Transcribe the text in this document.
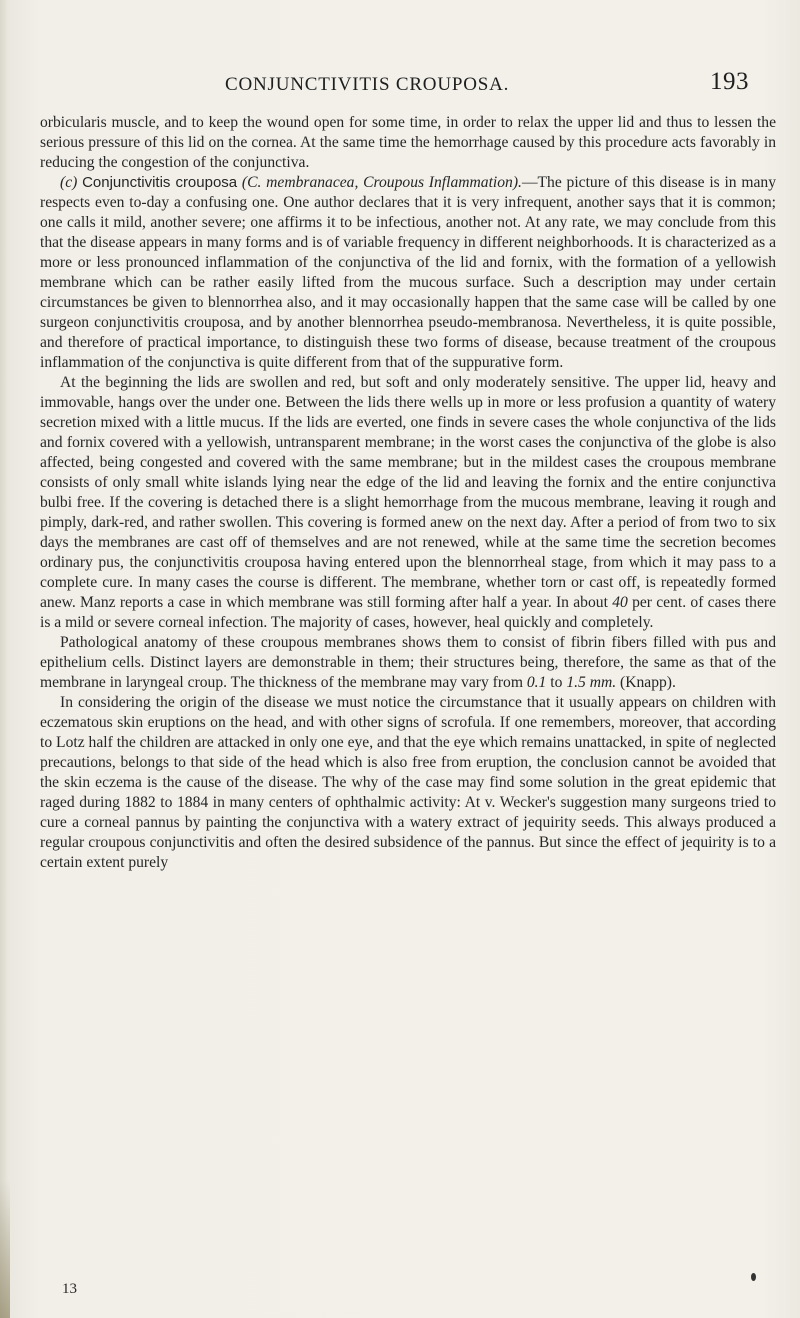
CONJUNCTIVITIS CROUPOSA.	193

orbicularis muscle, and to keep the wound open for some time, in order to relax the upper lid and thus to lessen the serious pressure of this lid on the cornea. At the same time the hemorrhage caused by this procedure acts favorably in reducing the congestion of the conjunctiva.

(c) Conjunctivitis crouposa (C. membranacea, Croupous Inflammation).—The picture of this disease is in many respects even to-day a confusing one. One author declares that it is very infrequent, another says that it is common; one calls it mild, another severe; one affirms it to be infectious, another not. At any rate, we may conclude from this that the disease appears in many forms and is of variable frequency in different neighborhoods. It is characterized as a more or less pronounced inflammation of the conjunctiva of the lid and fornix, with the formation of a yellowish membrane which can be rather easily lifted from the mucous surface. Such a description may under certain circumstances be given to blennorrhea also, and it may occasionally happen that the same case will be called by one surgeon conjunctivitis crouposa, and by another blennorrhea pseudo-membranosa. Nevertheless, it is quite possible, and therefore of practical importance, to distinguish these two forms of disease, because treatment of the croupous inflammation of the conjunctiva is quite different from that of the suppurative form.

At the beginning the lids are swollen and red, but soft and only moderately sensitive. The upper lid, heavy and immovable, hangs over the under one. Between the lids there wells up in more or less profusion a quantity of watery secretion mixed with a little mucus. If the lids are everted, one finds in severe cases the whole conjunctiva of the lids and fornix covered with a yellowish, untransparent membrane; in the worst cases the conjunctiva of the globe is also affected, being congested and covered with the same membrane; but in the mildest cases the croupous membrane consists of only small white islands lying near the edge of the lid and leaving the fornix and the entire conjunctiva bulbi free. If the covering is detached there is a slight hemorrhage from the mucous membrane, leaving it rough and pimply, dark-red, and rather swollen. This covering is formed anew on the next day. After a period of from two to six days the membranes are cast off of themselves and are not renewed, while at the same time the secretion becomes ordinary pus, the conjunctivitis crouposa having entered upon the blennorrheal stage, from which it may pass to a complete cure. In many cases the course is different. The membrane, whether torn or cast off, is repeatedly formed anew. Manz reports a case in which membrane was still forming after half a year. In about 40 per cent. of cases there is a mild or severe corneal infection. The majority of cases, however, heal quickly and completely.

Pathological anatomy of these croupous membranes shows them to consist of fibrin fibers filled with pus and epithelium cells. Distinct layers are demonstrable in them; their structures being, therefore, the same as that of the membrane in laryngeal croup. The thickness of the membrane may vary from 0.1 to 1.5 mm. (Knapp).

In considering the origin of the disease we must notice the circumstance that it usually appears on children with eczematous skin eruptions on the head, and with other signs of scrofula. If one remembers, moreover, that according to Lotz half the children are attacked in only one eye, and that the eye which remains unattacked, in spite of neglected precautions, belongs to that side of the head which is also free from eruption, the conclusion cannot be avoided that the skin eczema is the cause of the disease. The why of the case may find some solution in the great epidemic that raged during 1882 to 1884 in many centers of ophthalmic activity: At v. Wecker's suggestion many surgeons tried to cure a corneal pannus by painting the conjunctiva with a watery extract of jequirity seeds. This always produced a regular croupous conjunctivitis and often the desired subsidence of the pannus. But since the effect of jequirity is to a certain extent purely

13
